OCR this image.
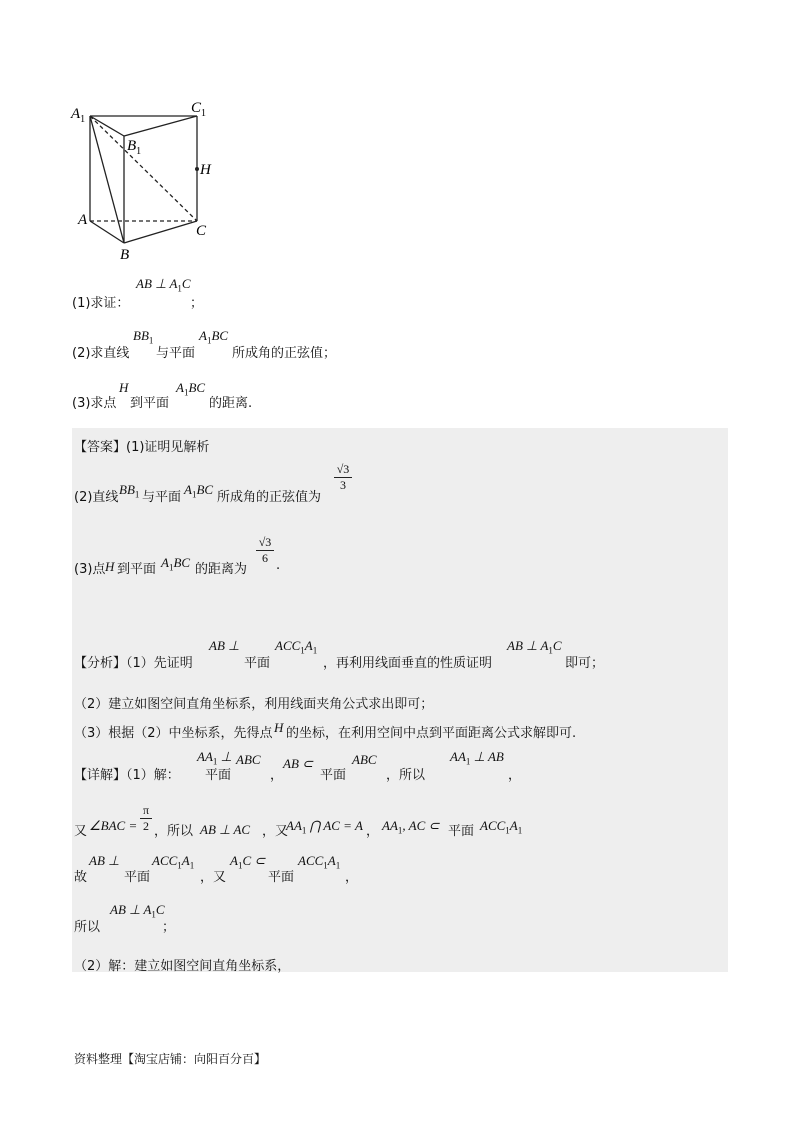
$A_1$
$C_1$
$B_1$
H
A
C
B
(1)求证：
AB ⊥ $A_1C$
；
(2)求直线
$BB_1$
与平面
$A_1BC$
所成角的正弦值；
(3)求点
H
到平面
$A_1BC$
的距离.
【答案】(1)证明见解析
(2)直线
$BB_1$ 与平面
$A_1BC$
所成角的正弦值为
$\frac{√3}{3}$
(3)点 H 到平面 $A_1BC$ 的距离为
$\frac{√3}{6}$ .
【分析】（1）先证明
AB ⊥
平面
$ACC_1A_1$
，再利用线面垂直的性质证明
AB ⊥ $A_1C$
即可；
（2）建立如图空间直角坐标系，利用线面夹角公式求出即可；
（3）根据（2）中坐标系，先得点 H 的坐标，在利用空间中点到平面距离公式求解即可.
【详解】（1）解：
$AA_1$ ⊥
平面
ABC
，
AB ⊂
平面
ABC
，所以
$AA_1$ ⊥ AB
，
又 ∠BAC = $\frac{\pi}{2}$ ，所以 AB ⊥ AC ，又
$AA_1$ ⋂ AC = A ， $AA_1$, AC ⊂ 平面 $ACC_1A_1$
故
AB ⊥
平面
$ACC_1A_1$
，又
$A_1C$ ⊂
平面
$ACC_1A_1$
，
所以
AB ⊥ $A_1C$
；
（2）解：建立如图空间直角坐标系，
资料整理【淘宝店铺：向阳百分百】
